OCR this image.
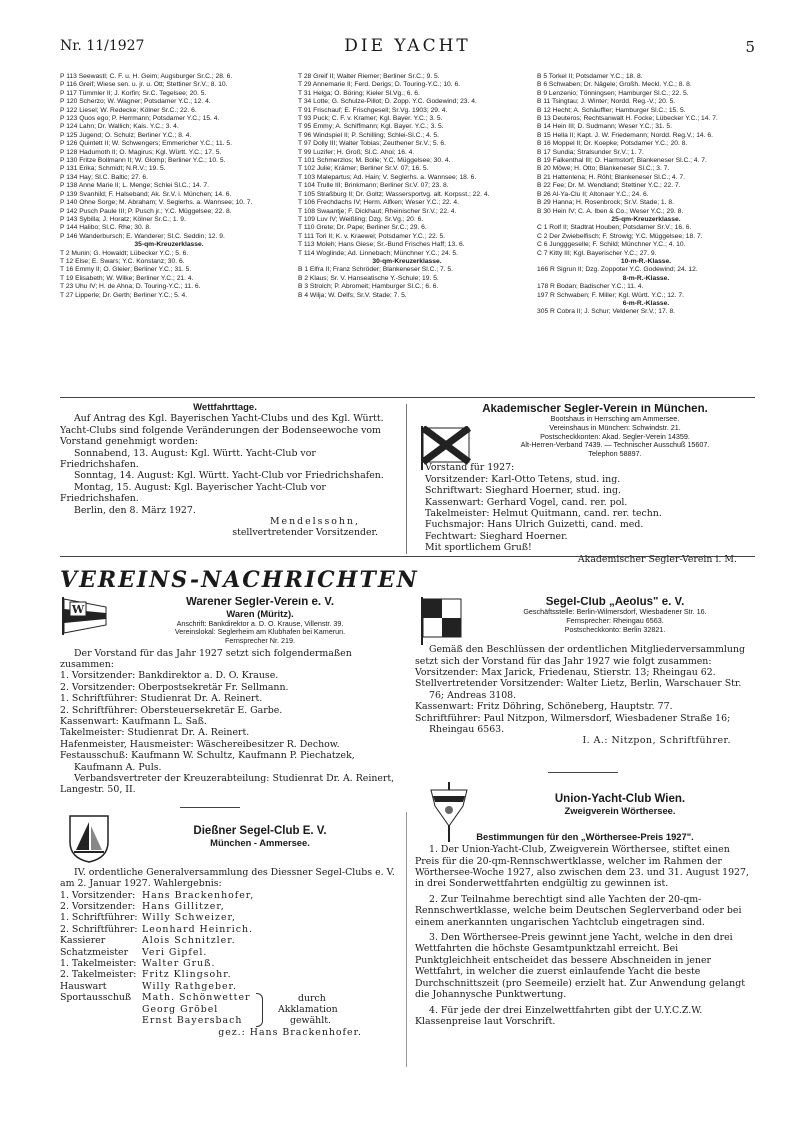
Nr. 11/1927	DIE YACHT	5
P 113 Seewastl; C. F. u. H. Geim; Augsburger Sr.C.; 28. 6.
P 116 Greif; Wiese sen. u. jr. u. Ott; Stettiner Sr.V.; 8. 10.
P 117 Tümmler II; J. Korfin; Sr.C. Tegelsee; 20. 5.
P 120 Scherzo; W. Wagner; Potsdamer Y.C.; 12. 4.
P 122 Liesel; W. Redecke; Kölner Sr.C.; 22. 6.
P 123 Quos ego; P. Herrmann; Potsdamer Y.C.; 15. 4.
P 124 Lahn; Dr. Wallich; Kais. Y.C.; 3. 4.
P 125 Jugend; O. Schulz; Berliner Y.C.; 8. 4.
P 126 Quintett II; W. Schwengers; Emmericher Y.C.; 11. 5.
P 128 Hadumoth II; O. Magirus; Kgl. Württ. Y.C.; 17. 5.
P 130 Fritze Bollmann II; W. Glomp; Berliner Y.C.; 10. 5.
P 131 Erika; Schmidt; N.R.V.; 19. 5.
P 134 Hay; Sl.C. Baltic; 27. 6.
P 138 Anne Marie II; L. Menge; Schlei Sl.C.; 14. 7.
P 139 Svanhild; F. Halseband; Ak. Sr.V. i. München; 14. 6.
P 140 Ohne Sorge; M. Abraham; V. Seglerhs. a. Wannsee; 10. 7.
P 142 Pusch Paule III; P. Pusch jr.; Y.C. Müggelsee; 22. 8.
P 143 Sybilla; J. Horatz; Kölner Sr.C.; 1. 9.
P 144 Halibo; Sl.C. Rhe; 30. 8.
P 146 Wanderbursch; E. Wanderer; Sl.C. Seddin; 12. 9.
35-qm-Kreuzerklasse.
T 2 Munin; G. Howaldt; Lübecker Y.C.; 5. 6.
T 12 Else; E. Swars; Y.C. Konstanz; 30. 6.
T 16 Emmy II; O. Gleier; Berliner Y.C.; 31. 5.
T 19 Elisabeth; W. Wilke; Berliner Y.C.; 21. 4.
T 23 Uhu IV; H. de Ahna; D. Touring-Y.C.; 11. 6.
T 27 Lipperle; Dr. Gerth; Berliner Y.C.; 5. 4.
T 28 Greif II; Walter Riemer; Berliner Sr.C.; 9. 5.
T 29 Annemarie II; Ferd. Derigs; D. Touring-Y.C.; 10. 6.
T 31 Helga; O. Böring; Kieler Sl.Vg.; 6. 6.
T 34 Lotte; G. Schulze-Pillot; D. Zopp. Y.C. Godewind; 23. 4.
T 91 Frischauf; E. Frischgesell; Sr.Vg. 1903; 29. 4.
T 93 Puck; C. F. v. Kramer; Kgl. Bayer. Y.C.; 3. 5.
T 95 Emmy; A. Schiffmann; Kgl. Bayer. Y.C.; 3. 5.
T 96 Windspiel II; P. Schilling; Schlei-Sl.C.; 4. 5.
T 97 Dolly III; Walter Tobias; Zeuthener Sr.V.; 5. 6.
T 99 Luzifer; H. Groß; Sl.C. Ahoi; 16. 4.
T 101 Schmerzlos; M. Bolle; Y.C. Müggelsee; 30. 4.
T 102 Julie; Krämer; Berliner Sr.V. 07; 16. 5.
T 103 Malepartus; Ad. Hain; V. Seglerhs. a. Wannsee; 18. 6.
T 104 Trulle III; Brinkmann; Berliner Sr.V. 07; 23. 8.
T 105 Straßburg II; Dr. Goltz; Wassersportvg. alt. Korpsst.; 22. 4.
T 106 Frechdachs IV; Herm. Alfken; Weser Y.C.; 22. 4.
T 108 Swaantje; F. Dickhaut; Rheinischer Sr.V.; 22. 4.
T 109 Luv IV; Weißling; Dzg. Sr.Vg.; 20. 6.
T 110 Grete; Dr. Pape; Berliner Sr.C.; 29. 6.
T 111 Tori II; K. v. Kraewel; Potsdamer Y.C.; 22. 5.
T 113 Moleh; Hans Giese; Sr.-Bund Frisches Haff; 13. 6.
T 114 Woglinde; Ad. Linnebach; Münchner Y.C.; 24. 5.
30-qm-Kreuzerklasse.
B 1 Elfra II; Franz Schröder; Blankeneser Sl.C.; 7. 5.
B 2 Klaus; Sr. V. Hanseatische Y.-Schule; 19. 5.
B 3 Strolch; P. Abromeit; Hamburger Sl.C.; 6. 6.
B 4 Wilja; W. Delfs; Sr.V. Stade; 7. 5.
B 5 Torkel II; Potsdamer Y.C.; 18. 8.
B 6 Schwaben; Dr. Nägele; Großh. Meckl. Y.C.; 8. 8.
B 9 Lenzenio; Tönningsen; Hamburger Sl.C.; 22. 5.
B 11 Tsingtau; J. Winter; Nordd. Reg.-V.; 20. 5.
B 12 Hecht; A. Schäuffler; Hamburger Sl.C.; 15. 5.
B 13 Deuteros; Rechtsanwalt H. Focke; Lübecker Y.C.; 14. 7.
B 14 Hein III; D. Sudmann; Weser Y.C.; 31. 5.
B 15 Hella II; Kapt. J. W. Friedemann; Nordd. Reg.V.; 14. 6.
B 16 Moppel II; Dr. Koepke; Potsdamer Y.C.; 20. 8.
B 17 Sundia; Stralsunder Sr.V.; 1. 7.
B 19 Falkenthal III; O. Harmstorf; Blankeneser Sl.C.; 4. 7.
B 20 Möwe; H. Otto; Blankeneser Sl.C.; 3. 7.
B 21 Hattenlena; H. Röhl; Blankeneser Sl.C.; 4. 7.
B 22 Fee; Dr. M. Wendland; Stettiner Y.C.; 22. 7.
B 26 Al-Ya-Clu II; Altonaer Y.C.; 24. 6.
B 29 Hanna; H. Rosenbrock; Sr.V. Stade; 1. 8.
B 30 Hein IV; C. A. Iben & Co.; Weser Y.C.; 29. 8.
25-qm-Kreuzerklasse.
C 1 Rolf II; Stadtrat Houben; Potsdamer Sr.V.; 16. 6.
C 2 Der Zwiebelfisch; F. Strowig; Y.C. Müggelsee; 18. 7.
C 6 Jungggeselle; F. Schild; Münchner Y.C.; 4. 10.
C 7 Kitty III; Kgl. Bayerischer Y.C.; 27. 9.
10-m-R.-Klasse.
166 R Sigrun II; Dzg. Zoppoter Y.C. Godewind; 24. 12.
8-m-R.-Klasse.
178 R Bodan; Badischer Y.C.; 11. 4.
197 R Schwaben; F. Miller; Kgl. Württ. Y.C.; 12. 7.
6-m-R.-Klasse.
305 R Cobra II; J. Schur; Veldener Sr.V.; 17. 8.
Wettfahrttage.
Auf Antrag des Kgl. Bayerischen Yacht-Clubs und des Kgl. Württ. Yacht-Clubs sind folgende Veränderungen der Bodenseewoche vom Vorstand genehmigt worden:
Sonnabend, 13. August: Kgl. Württ. Yacht-Club vor Friedrichshafen.
Sonntag, 14. August: Kgl. Württ. Yacht-Club vor Friedrichshafen.
Montag, 15. August: Kgl. Bayerischer Yacht-Club vor Friedrichshafen.
Berlin, den 8. März 1927.
Mendelssohn,
stellvertretender Vorsitzender.
Akademischer Segler-Verein in München.
Bootshaus in Herrsching am Ammersee.
Vereinshaus in München: Schwindstr. 21.
Postscheckkonten: Akad. Segler-Verein 14359.
Alt-Herren-Verband 7439. — Technischer Ausschuß 15607.
Telephon 58897.
Vorstand für 1927:
Vorsitzender: Karl-Otto Tetens, stud. ing.
Schriftwart: Sieghard Hoerner, stud. ing.
Kassenwart: Gerhard Vogel, cand. rer. pol.
Takelmeister: Helmut Quitmann, cand. rer. techn.
Fuchsmajor: Hans Ulrich Guizetti, cand. med.
Fechtwart: Sieghard Hoerner.
Mit sportlichem Gruß!
Akademischer Segler-Verein i. M.
VEREINS-NACHRICHTEN
W
Warener Segler-Verein e. V.
Waren (Müritz).
Anschrift: Bankdirektor a. D. O. Krause, Villenstr. 39.
Vereinslokal: Seglerheim am Klubhafen bei Kamerun.
Fernsprecher Nr. 219.
Der Vorstand für das Jahr 1927 setzt sich folgendermaßen zusammen:
1. Vorsitzender: Bankdirektor a. D. O. Krause.
2. Vorsitzender: Oberpostsekretär Fr. Sellmann.
1. Schriftführer: Studienrat Dr. A. Reinert.
2. Schriftführer: Obersteuersekretär E. Garbe.
Kassenwart: Kaufmann L. Saß.
Takelmeister: Studienrat Dr. A. Reinert.
Hafenmeister, Hausmeister: Wäschereibesitzer R. Dechow.
Festausschuß: Kaufmann W. Schultz, Kaufmann P. Piechatzek, Kaufmann A. Puls.
Verbandsvertreter der Kreuzerabteilung: Studienrat Dr. A. Reinert, Langestr. 50, II.
Segel-Club „Aeolus" e. V.
Geschäftsstelle: Berlin-Wilmersdorf, Wiesbadener Str. 16.
Fernsprecher: Rheingau 6563.
Postscheckkonto: Berlin 32821.
Gemäß den Beschlüssen der ordentlichen Mitgliederversammlung setzt sich der Vorstand für das Jahr 1927 wie folgt zusammen:
Vorsitzender: Max Jarick, Friedenau, Stierstr. 13; Rheingau 62.
Stellvertretender Vorsitzender: Walter Lietz, Berlin, Warschauer Str. 76; Andreas 3108.
Kassenwart: Fritz Döhring, Schöneberg, Hauptstr. 77.
Schriftführer: Paul Nitzpon, Wilmersdorf, Wiesbadener Straße 16; Rheingau 6563.
I. A.: Nitzpon, Schriftführer.
Dießner Segel-Club E. V.
München - Ammersee.
IV. ordentliche Generalversammlung des Diessner Segel-Clubs e. V. am 2. Januar 1927. Wahlergebnis:
1. Vorsitzender: Hans Brackenhofer,
2. Vorsitzender: Hans Gillitzer,
1. Schriftführer: Willy Schweizer,
2. Schriftführer: Leonhard Heinrich.
Kassierer	Alois Schnitzler.
Schatzmeister	Veri Gipfel.
1. Takelmeister: Walter Gruß.
2. Takelmeister: Fritz Klingsohr.
Hauswart	Willy Rathgeber.
Sportausschuß	Math. Schönwetter
Georg Gröbel
Ernst Bayersbach
durch
Akklamation
gewählt.
gez.: Hans Brackenhofer.
Union-Yacht-Club Wien.
Zweigverein Wörthersee.
Bestimmungen für den „Wörthersee-Preis 1927".
1. Der Union-Yacht-Club, Zweigverein Wörthersee, stiftet einen Preis für die 20-qm-Rennschwertklasse, welcher im Rahmen der Wörthersee-Woche 1927, also zwischen dem 23. und 31. August 1927, in drei Sonderwettfahrten endgültig zu gewinnen ist.
2. Zur Teilnahme berechtigt sind alle Yachten der 20-qm-Rennschwertklasse, welche beim Deutschen Seglerverband oder bei einem anerkannten ungarischen Yachtclub eingetragen sind.
3. Den Wörthersee-Preis gewinnt jene Yacht, welche in den drei Wettfahrten die höchste Gesamtpunktzahl erreicht. Bei Punktgleichheit entscheidet das bessere Abschneiden in jener Wettfahrt, in welcher die zuerst einlaufende Yacht die beste Durchschnittszeit (pro Seemeile) erzielt hat. Zur Anwendung gelangt die Johannysche Punktwertung.
4. Für jede der drei Einzelwettfahrten gibt der U.Y.C.Z.W. Klassenpreise laut Vorschrift.
